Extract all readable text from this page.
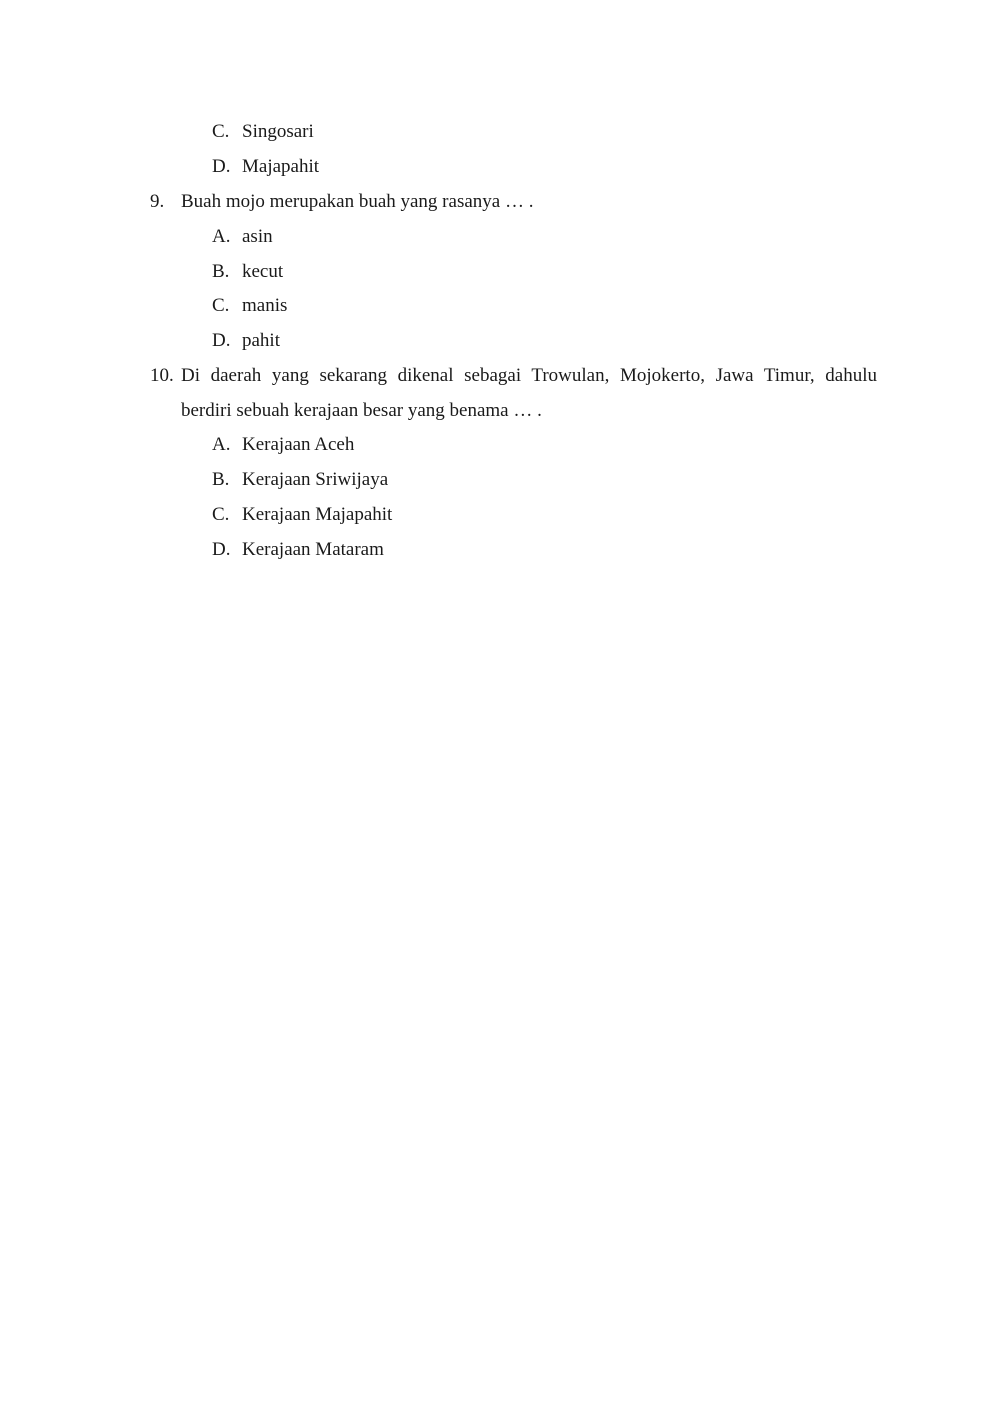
C. Singosari
D. Majapahit
9. Buah mojo merupakan buah yang rasanya … .
A. asin
B. kecut
C. manis
D. pahit
10. Di daerah yang sekarang dikenal sebagai Trowulan, Mojokerto, Jawa Timur, dahulu
berdiri sebuah kerajaan besar yang benama … .
A. Kerajaan Aceh
B. Kerajaan Sriwijaya
C. Kerajaan Majapahit
D. Kerajaan Mataram
